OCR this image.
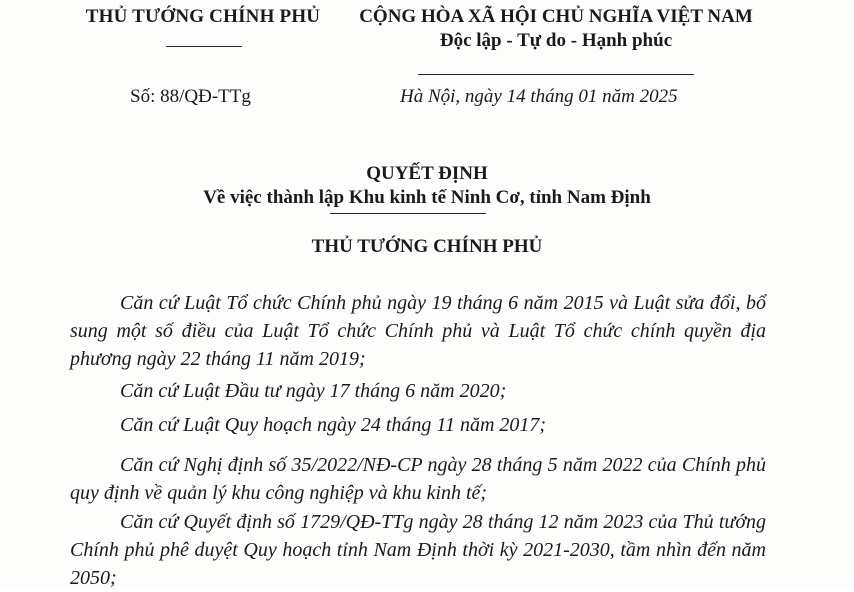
THỦ TƯỚNG CHÍNH PHỦ	CỘNG HÒA XÃ HỘI CHỦ NGHĨA VIỆT NAM
Độc lập - Tự do - Hạnh phúc
Số: 88/QĐ-TTg	Hà Nội, ngày 14 tháng 01 năm 2025
QUYẾT ĐỊNH
Về việc thành lập Khu kinh tế Ninh Cơ, tỉnh Nam Định
THỦ TƯỚNG CHÍNH PHỦ
Căn cứ Luật Tổ chức Chính phủ ngày 19 tháng 6 năm 2015 và Luật sửa đổi, bổ sung một số điều của Luật Tổ chức Chính phủ và Luật Tổ chức chính quyền địa phương ngày 22 tháng 11 năm 2019;
Căn cứ Luật Đầu tư ngày 17 tháng 6 năm 2020;
Căn cứ Luật Quy hoạch ngày 24 tháng 11 năm 2017;
Căn cứ Nghị định số 35/2022/NĐ-CP ngày 28 tháng 5 năm 2022 của Chính phủ quy định về quản lý khu công nghiệp và khu kinh tế;
Căn cứ Quyết định số 1729/QĐ-TTg ngày 28 tháng 12 năm 2023 của Thủ tướng Chính phủ phê duyệt Quy hoạch tỉnh Nam Định thời kỳ 2021-2030, tầm nhìn đến năm 2050;
